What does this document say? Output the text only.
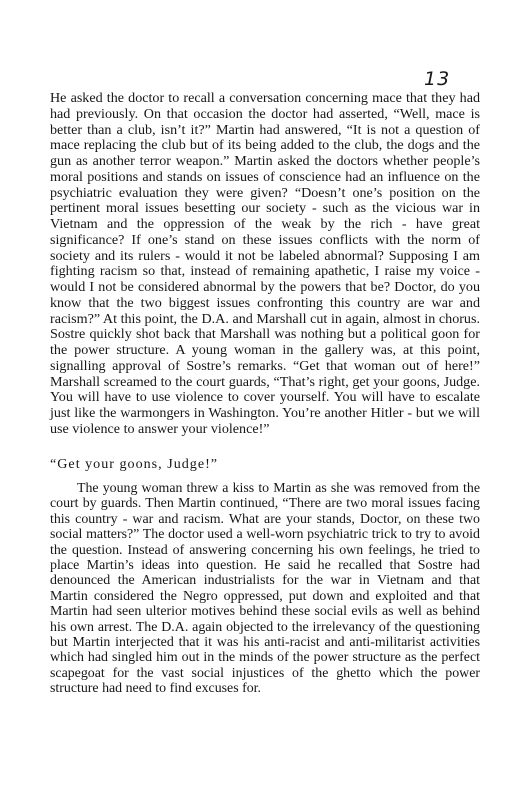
13

He asked the doctor to recall a conversation concerning mace that they had had previously. On that occasion the doctor had asserted, “Well, mace is better than a club, isn’t it?” Martin had answered, “It is not a question of mace replacing the club but of its being added to the club, the dogs and the gun as another terror weapon.” Martin asked the doctors whether people’s moral positions and stands on issues of conscience had an influence on the psychiatric evaluation they were given? “Doesn’t one’s position on the pertinent moral issues besetting our society - such as the vicious war in Vietnam and the oppression of the weak by the rich - have great significance? If one’s stand on these issues conflicts with the norm of society and its rulers - would it not be labeled abnormal? Supposing I am fighting racism so that, instead of remaining apathetic, I raise my voice - would I not be considered abnormal by the powers that be? Doctor, do you know that the two biggest issues confronting this country are war and racism?” At this point, the D.A. and Marshall cut in again, almost in chorus. Sostre quickly shot back that Marshall was nothing but a political goon for the power structure. A young woman in the gallery was, at this point, signalling approval of Sostre’s remarks. “Get that woman out of here!” Marshall screamed to the court guards, “That’s right, get your goons, Judge. You will have to use violence to cover yourself. You will have to escalate just like the warmongers in Washington. You’re another Hitler - but we will use violence to answer your violence!”

“Get your goons, Judge!”

The young woman threw a kiss to Martin as she was removed from the court by guards. Then Martin continued, “There are two moral issues facing this country - war and racism. What are your stands, Doctor, on these two social matters?” The doctor used a well-worn psychiatric trick to try to avoid the question. Instead of answering concerning his own feelings, he tried to place Martin’s ideas into question. He said he recalled that Sostre had denounced the American industrialists for the war in Vietnam and that Martin considered the Negro oppressed, put down and exploited and that Martin had seen ulterior motives behind these social evils as well as behind his own arrest. The D.A. again objected to the irrelevancy of the questioning but Martin interjected that it was his anti-racist and anti-militarist activities which had singled him out in the minds of the power structure as the perfect scapegoat for the vast social injustices of the ghetto which the power structure had need to find excuses for.
